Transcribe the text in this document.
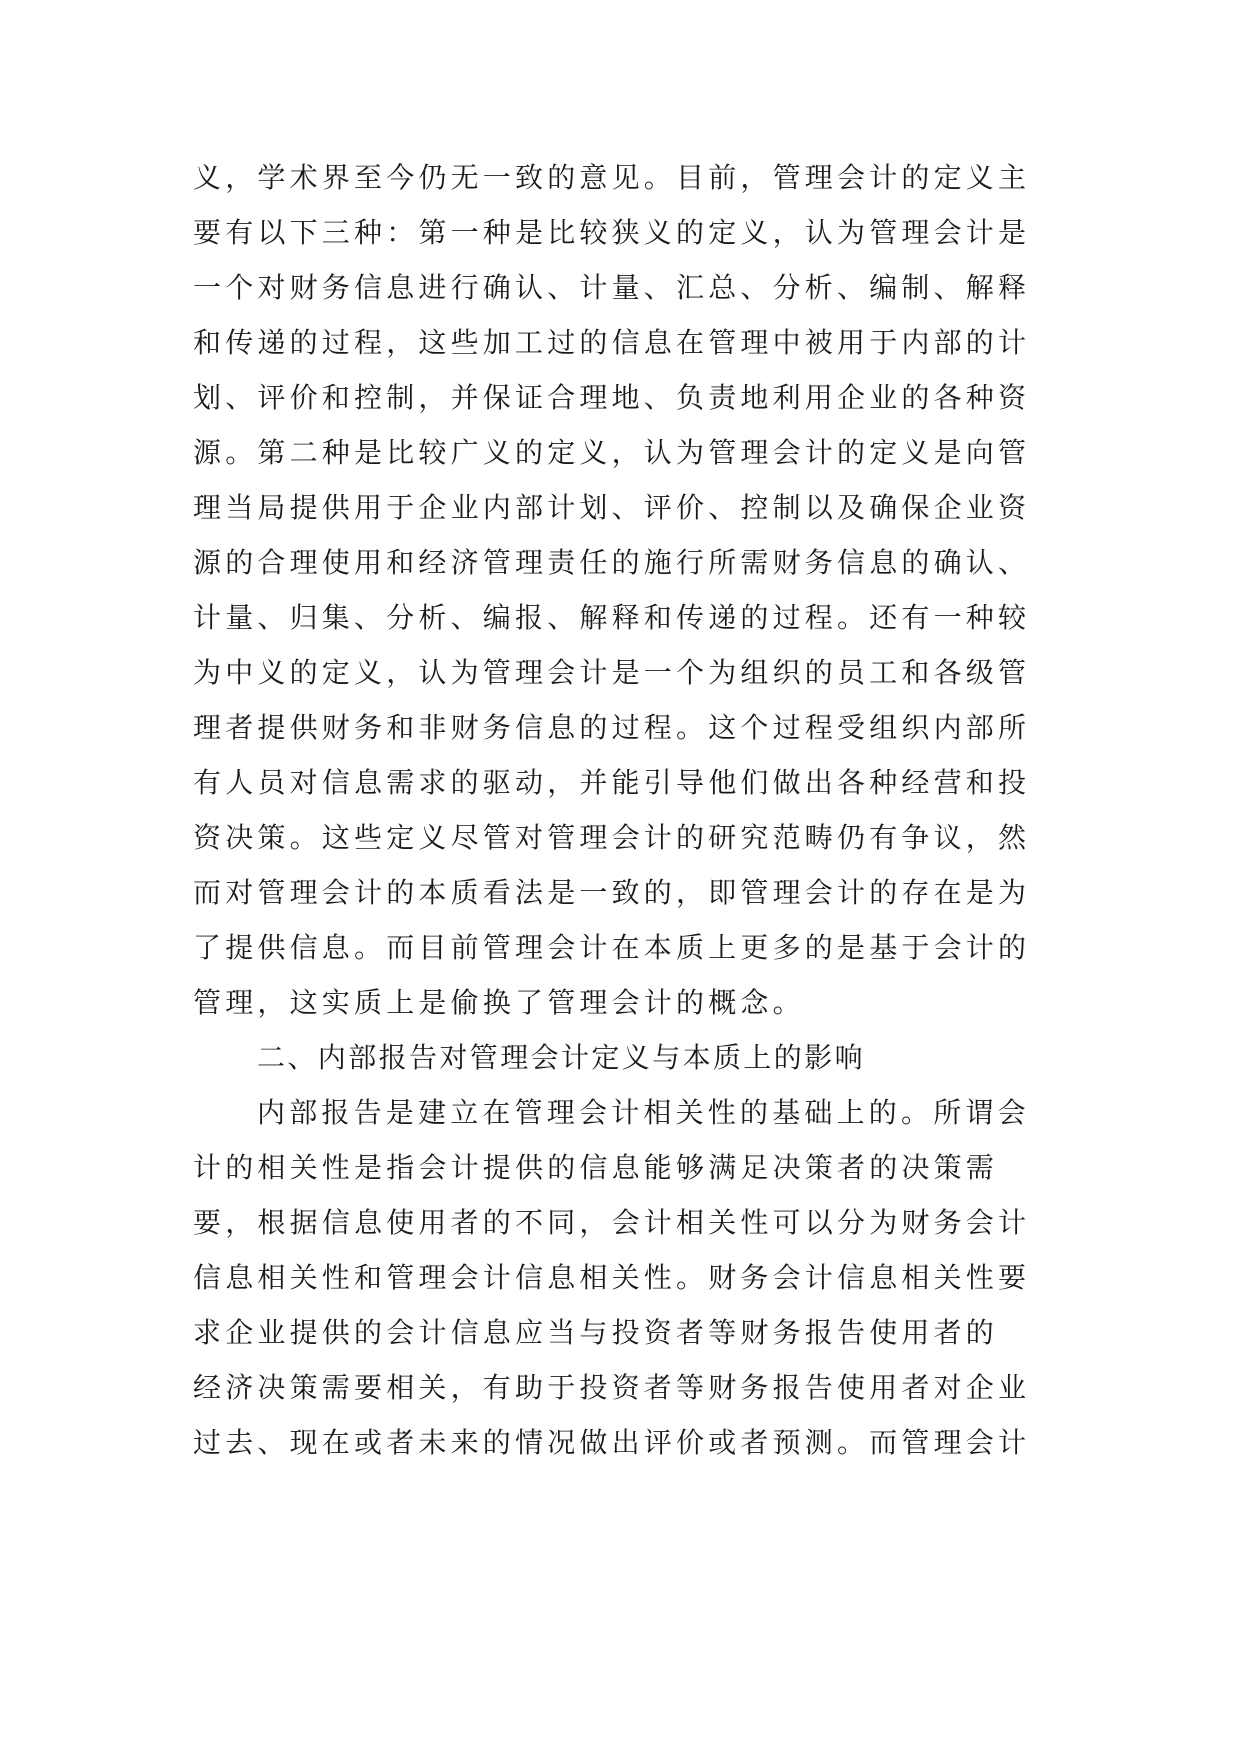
义，学术界至今仍无一致的意见。目前，管理会计的定义主
要有以下三种：第一种是比较狭义的定义，认为管理会计是
一个对财务信息进行确认、计量、汇总、分析、编制、解释
和传递的过程，这些加工过的信息在管理中被用于内部的计
划、评价和控制，并保证合理地、负责地利用企业的各种资
源。第二种是比较广义的定义，认为管理会计的定义是向管
理当局提供用于企业内部计划、评价、控制以及确保企业资
源的合理使用和经济管理责任的施行所需财务信息的确认、
计量、归集、分析、编报、解释和传递的过程。还有一种较
为中义的定义，认为管理会计是一个为组织的员工和各级管
理者提供财务和非财务信息的过程。这个过程受组织内部所
有人员对信息需求的驱动，并能引导他们做出各种经营和投
资决策。这些定义尽管对管理会计的研究范畴仍有争议，然
而对管理会计的本质看法是一致的，即管理会计的存在是为
了提供信息。而目前管理会计在本质上更多的是基于会计的
管理，这实质上是偷换了管理会计的概念。
二、内部报告对管理会计定义与本质上的影响
内部报告是建立在管理会计相关性的基础上的。所谓会
计的相关性是指会计提供的信息能够满足决策者的决策需
要，根据信息使用者的不同，会计相关性可以分为财务会计
信息相关性和管理会计信息相关性。财务会计信息相关性要
求企业提供的会计信息应当与投资者等财务报告使用者的
经济决策需要相关，有助于投资者等财务报告使用者对企业
过去、现在或者未来的情况做出评价或者预测。而管理会计
